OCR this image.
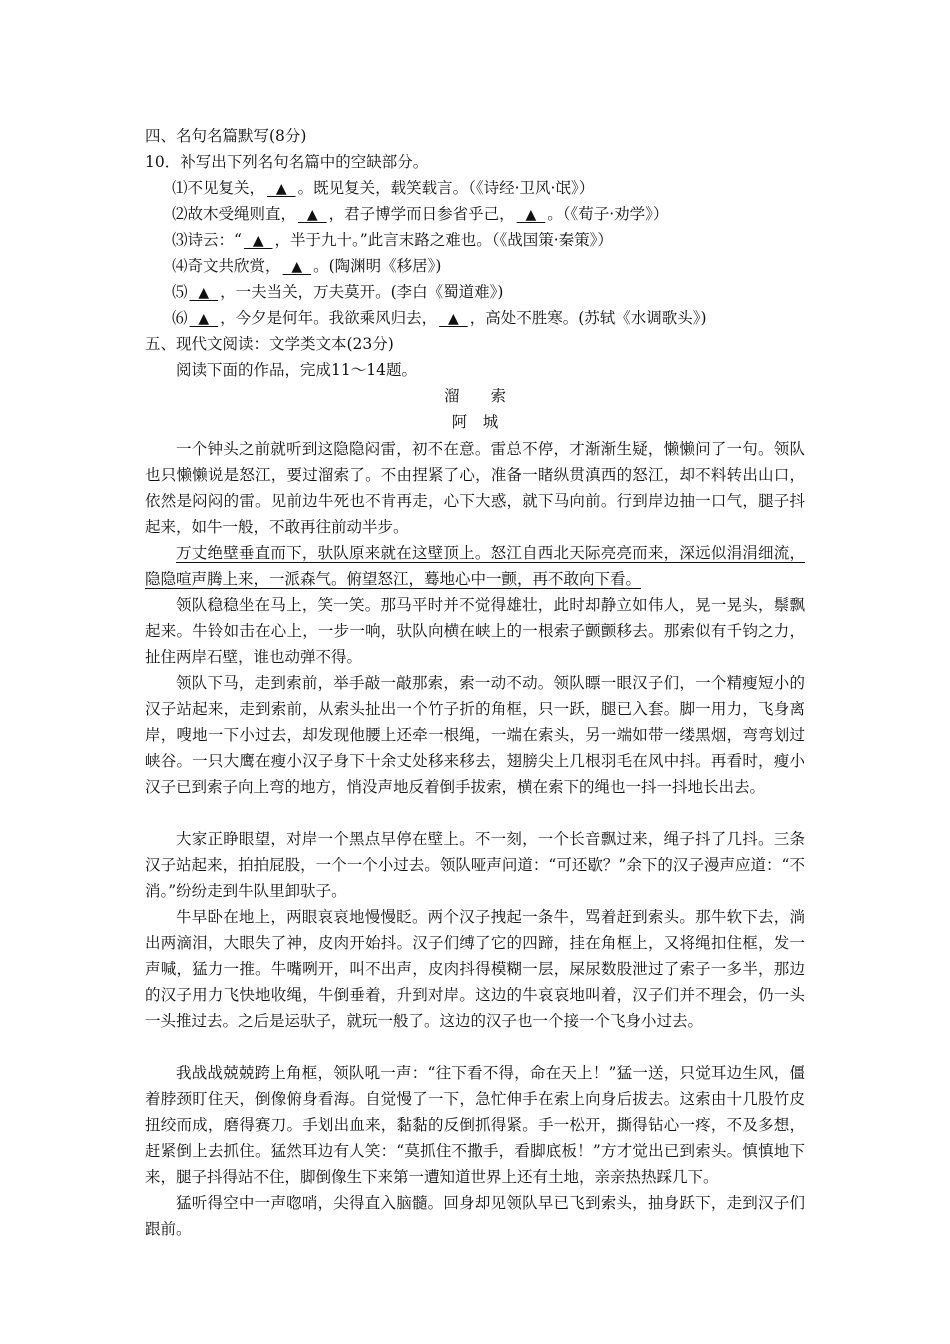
四、名句名篇默写(8分)
10．补写出下列名句名篇中的空缺部分。
⑴不见复关，  ▲  。既见复关，载笑载言。（《诗经·卫风·氓》）
⑵故木受绳则直，  ▲  ，君子博学而日参省乎己，  ▲  。（《荀子·劝学》）
⑶诗云：“  ▲  ，半于九十。”此言末路之难也。（《战国策·秦策》）
⑷奇文共欣赏，  ▲  。(陶渊明《移居》)
⑸  ▲  ，一夫当关，万夫莫开。(李白《蜀道难》)
⑹  ▲  ，今夕是何年。我欲乘风归去，  ▲  ，高处不胜寒。(苏轼《水调歌头》)
五、现代文阅读：文学类文本(23分)
阅读下面的作品，完成11～14题。
溜　　索
阿　城
一个钟头之前就听到这隐隐闷雷，初不在意。雷总不停，才渐渐生疑，懒懒问了一句。领队也只懒懒说是怒江，要过溜索了。不由捏紧了心，准备一睹纵贯滇西的怒江，却不料转出山口，依然是闷闷的雷。见前边牛死也不肯再走，心下大惑，就下马向前。行到岸边抽一口气，腿子抖起来，如牛一般，不敢再往前动半步。
万丈绝壁垂直而下，驮队原来就在这壁顶上。怒江自西北天际亮亮而来，深远似涓涓细流，隐隐喧声腾上来，一派森气。俯望怒江，蓦地心中一颤，再不敢向下看。
领队稳稳坐在马上，笑一笑。那马平时并不觉得雄壮，此时却静立如伟人，晃一晃头，鬃飘起来。牛铃如击在心上，一步一响，驮队向横在峡上的一根索子颤颤移去。那索似有千钧之力，扯住两岸石壁，谁也动弹不得。
领队下马，走到索前，举手敲一敲那索，索一动不动。领队瞟一眼汉子们，一个精瘦短小的汉子站起来，走到索前，从索头扯出一个竹子折的角框，只一跃，腿已入套。脚一用力，飞身离岸，嗖地一下小过去，却发现他腰上还牵一根绳，一端在索头，另一端如带一缕黑烟，弯弯划过峡谷。一只大鹰在瘦小汉子身下十余丈处移来移去，翅膀尖上几根羽毛在风中抖。再看时，瘦小汉子已到索子向上弯的地方，悄没声地反着倒手拔索，横在索下的绳也一抖一抖地长出去。
大家正睁眼望，对岸一个黑点早停在壁上。不一刻，一个长音飘过来，绳子抖了几抖。三条汉子站起来，拍拍屁股，一个一个小过去。领队哑声问道：“可还歇？”余下的汉子漫声应道：“不消。”纷纷走到牛队里卸驮子。
牛早卧在地上，两眼哀哀地慢慢眨。两个汉子拽起一条牛，骂着赶到索头。那牛软下去，淌出两滴泪，大眼失了神，皮肉开始抖。汉子们缚了它的四蹄，挂在角框上，又将绳扣住框，发一声喊，猛力一推。牛嘴咧开，叫不出声，皮肉抖得模糊一层，屎尿数股泄过了索子一多半，那边的汉子用力飞快地收绳，牛倒垂着，升到对岸。这边的牛哀哀地叫着，汉子们并不理会，仍一头一头推过去。之后是运驮子，就玩一般了。这边的汉子也一个接一个飞身小过去。
我战战兢兢跨上角框，领队吼一声：“往下看不得，命在天上！”猛一送，只觉耳边生风，僵着脖颈盯住天，倒像俯身看海。自觉慢了一下，急忙伸手在索上向身后拔去。这索由十几股竹皮扭绞而成，磨得赛刀。手划出血来，黏黏的反倒抓得紧。手一松开，撕得钻心一疼，不及多想，赶紧倒上去抓住。猛然耳边有人笑：“莫抓住不撒手，看脚底板！”方才觉出已到索头。慎慎地下来，腿子抖得站不住，脚倒像生下来第一遭知道世界上还有土地，亲亲热热踩几下。
猛听得空中一声唿哨，尖得直入脑髓。回身却见领队早已飞到索头，抽身跃下，走到汉子们跟前。
